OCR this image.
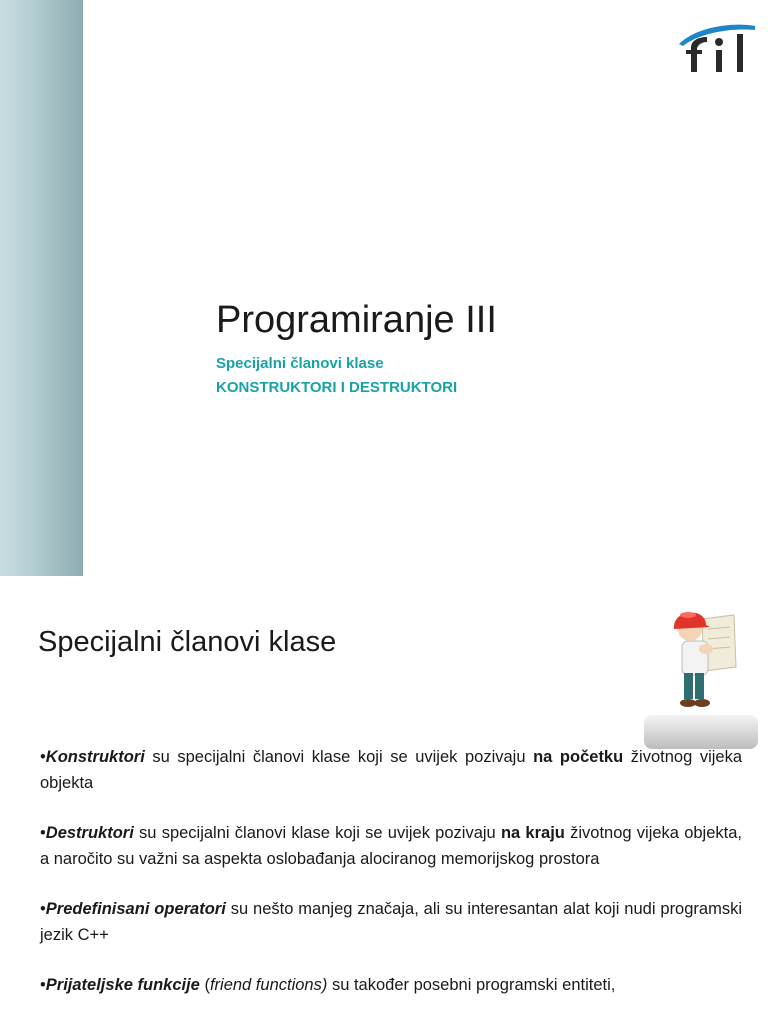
Programiranje III
Specijalni članovi klase
KONSTRUKTORI I DESTRUKTORI
Specijalni članovi klase

•Konstruktori su specijalni članovi klase koji se uvijek pozivaju na početku životnog vijeka objekta

•Destruktori su specijalni članovi klase koji se uvijek pozivaju na kraju životnog vijeka objekta, a naročito su važni sa aspekta oslobađanja alociranog memorijskog prostora

•Predefinisani operatori su nešto manjeg značaja, ali su interesantan alat koji nudi programski jezik C++

•Prijateljske funkcije (friend functions) su također posebni programski entiteti,
